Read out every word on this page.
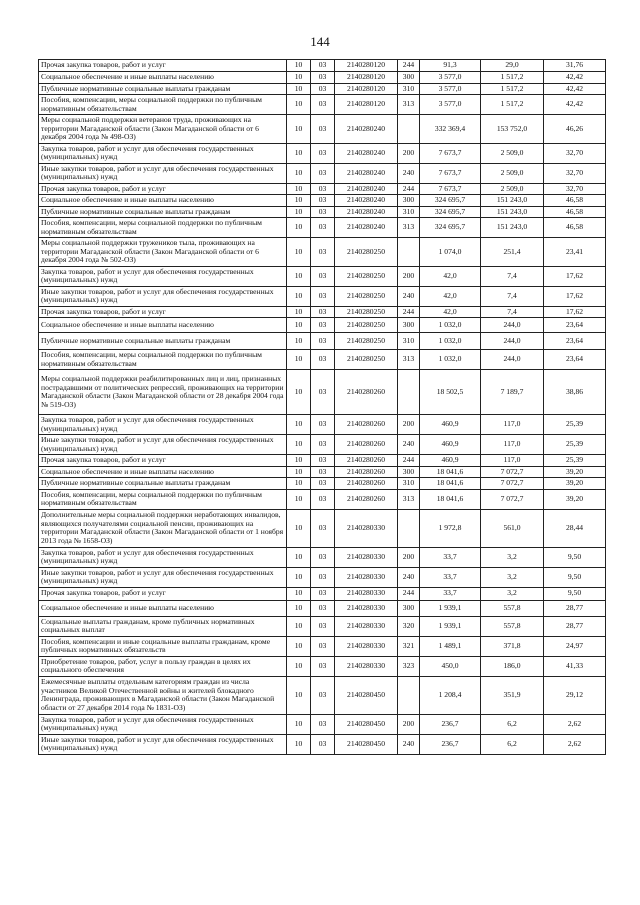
144
Прочая закупка товаров, работ и услуг	10	03	2140280120	244	91,3	29,0	31,76
Социальное обеспечение и иные выплаты населению	10	03	2140280120	300	3 577,0	1 517,2	42,42
Публичные нормативные социальные выплаты гражданам	10	03	2140280120	310	3 577,0	1 517,2	42,42
Пособия, компенсации, меры социальной поддержки по публичным нормативным обязательствам	10	03	2140280120	313	3 577,0	1 517,2	42,42
Меры социальной поддержки ветеранов труда, проживающих на территории Магаданской области (Закон Магаданской области от 6 декабря 2004 года № 498-ОЗ)	10	03	2140280240		332 369,4	153 752,0	46,26
Закупка товаров, работ и услуг для обеспечения государственных (муниципальных) нужд	10	03	2140280240	200	7 673,7	2 509,0	32,70
Иные закупки товаров, работ и услуг для обеспечения государственных (муниципальных) нужд	10	03	2140280240	240	7 673,7	2 509,0	32,70
Прочая закупка товаров, работ и услуг	10	03	2140280240	244	7 673,7	2 509,0	32,70
Социальное обеспечение и иные выплаты населению	10	03	2140280240	300	324 695,7	151 243,0	46,58
Публичные нормативные социальные выплаты гражданам	10	03	2140280240	310	324 695,7	151 243,0	46,58
Пособия, компенсации, меры социальной поддержки по публичным нормативным обязательствам	10	03	2140280240	313	324 695,7	151 243,0	46,58
Меры социальной поддержки тружеников тыла, проживающих на территории Магаданской области (Закон Магаданской области от 6 декабря 2004 года № 502-ОЗ)	10	03	2140280250		1 074,0	251,4	23,41
Закупка товаров, работ и услуг для обеспечения государственных (муниципальных) нужд	10	03	2140280250	200	42,0	7,4	17,62
Иные закупки товаров, работ и услуг для обеспечения государственных (муниципальных) нужд	10	03	2140280250	240	42,0	7,4	17,62
Прочая закупка товаров, работ и услуг	10	03	2140280250	244	42,0	7,4	17,62
Социальное обеспечение и иные выплаты населению	10	03	2140280250	300	1 032,0	244,0	23,64
Публичные нормативные социальные выплаты гражданам	10	03	2140280250	310	1 032,0	244,0	23,64
Пособия, компенсации, меры социальной поддержки по публичным нормативным обязательствам	10	03	2140280250	313	1 032,0	244,0	23,64
Меры социальной поддержки реабилитированных лиц и лиц, признанных пострадавшими от политических репрессий, проживающих на территории Магаданской области (Закон Магаданской области от 28 декабря 2004 года № 519-ОЗ)	10	03	2140280260		18 502,5	7 189,7	38,86
Закупка товаров, работ и услуг для обеспечения государственных (муниципальных) нужд	10	03	2140280260	200	460,9	117,0	25,39
Иные закупки товаров, работ и услуг для обеспечения государственных (муниципальных) нужд	10	03	2140280260	240	460,9	117,0	25,39
Прочая закупка товаров, работ и услуг	10	03	2140280260	244	460,9	117,0	25,39
Социальное обеспечение и иные выплаты населению	10	03	2140280260	300	18 041,6	7 072,7	39,20
Публичные нормативные социальные выплаты гражданам	10	03	2140280260	310	18 041,6	7 072,7	39,20
Пособия, компенсации, меры социальной поддержки по публичным нормативным обязательствам	10	03	2140280260	313	18 041,6	7 072,7	39,20
Дополнительные меры социальной поддержки неработающих инвалидов, являющихся получателями социальной пенсии, проживающих на территории Магаданской области (Закон Магаданской области от 1 ноября 2013 года № 1658-ОЗ)	10	03	2140280330		1 972,8	561,0	28,44
Закупка товаров, работ и услуг для обеспечения государственных (муниципальных) нужд	10	03	2140280330	200	33,7	3,2	9,50
Иные закупки товаров, работ и услуг для обеспечения государственных (муниципальных) нужд	10	03	2140280330	240	33,7	3,2	9,50
Прочая закупка товаров, работ и услуг	10	03	2140280330	244	33,7	3,2	9,50
Социальное обеспечение и иные выплаты населению	10	03	2140280330	300	1 939,1	557,8	28,77
Социальные выплаты гражданам, кроме публичных нормативных социальных выплат	10	03	2140280330	320	1 939,1	557,8	28,77
Пособия, компенсации и иные социальные выплаты гражданам, кроме публичных нормативных обязательств	10	03	2140280330	321	1 489,1	371,8	24,97
Приобретение товаров, работ, услуг в пользу граждан в целях их социального обеспечения	10	03	2140280330	323	450,0	186,0	41,33
Ежемесячные выплаты отдельным категориям граждан из числа участников Великой Отечественной войны и жителей блокадного Ленинграда, проживающих в Магаданской области (Закон Магаданской области от 27 декабря 2014 года № 1831-ОЗ)	10	03	2140280450		1 208,4	351,9	29,12
Закупка товаров, работ и услуг для обеспечения государственных (муниципальных) нужд	10	03	2140280450	200	236,7	6,2	2,62
Иные закупки товаров, работ и услуг для обеспечения государственных (муниципальных) нужд	10	03	2140280450	240	236,7	6,2	2,62
